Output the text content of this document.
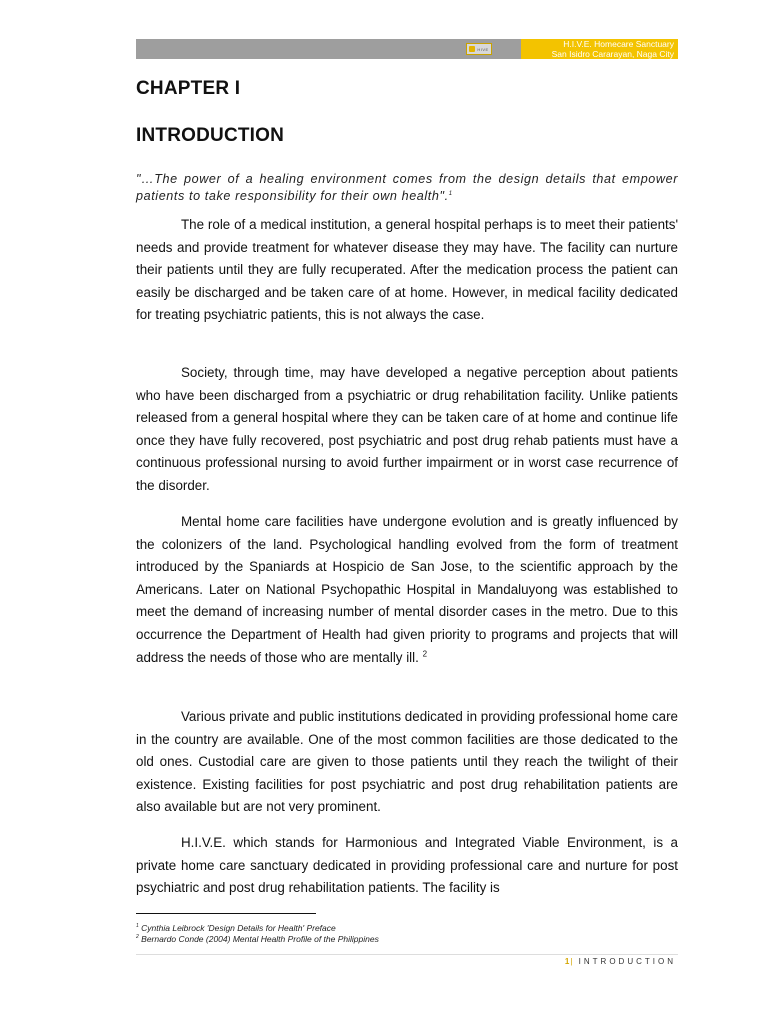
HIVE	H.I.V.E. Homecare Sanctuary
San Isidro Cararayan, Naga City
CHAPTER I
INTRODUCTION

"…The power of a healing environment comes from the design details that empower patients to take responsibility for their own health".$^1$

The role of a medical institution, a general hospital perhaps is to meet their patients' needs and provide treatment for whatever disease they may have. The facility can nurture their patients until they are fully recuperated. After the medication process the patient can easily be discharged and be taken care of at home. However, in medical facility dedicated for treating psychiatric patients, this is not always the case.

Society, through time, may have developed a negative perception about patients who have been discharged from a psychiatric or drug rehabilitation facility. Unlike patients released from a general hospital where they can be taken care of at home and continue life once they have fully recovered, post psychiatric and post drug rehab patients must have a continuous professional nursing to avoid further impairment or in worst case recurrence of the disorder.

Mental home care facilities have undergone evolution and is greatly influenced by the colonizers of the land. Psychological handling evolved from the form of treatment introduced by the Spaniards at Hospicio de San Jose, to the scientific approach by the Americans. Later on National Psychopathic Hospital in Mandaluyong was established to meet the demand of increasing number of mental disorder cases in the metro. Due to this occurrence the Department of Health had given priority to programs and projects that will address the needs of those who are mentally ill. $^2$

Various private and public institutions dedicated in providing professional home care in the country are available. One of the most common facilities are those dedicated to the old ones. Custodial care are given to those patients until they reach the twilight of their existence. Existing facilities for post psychiatric and post drug rehabilitation patients are also available but are not very prominent.

H.I.V.E. which stands for Harmonious and Integrated Viable Environment, is a private home care sanctuary dedicated in providing professional care and nurture for post psychiatric and post drug rehabilitation patients. The facility is

$^1$ Cynthia Leibrock 'Design Details for Health' Preface

$^2$ Bernardo Conde (2004) Mental Health Profile of the Philippines

1| INTRODUCTION
